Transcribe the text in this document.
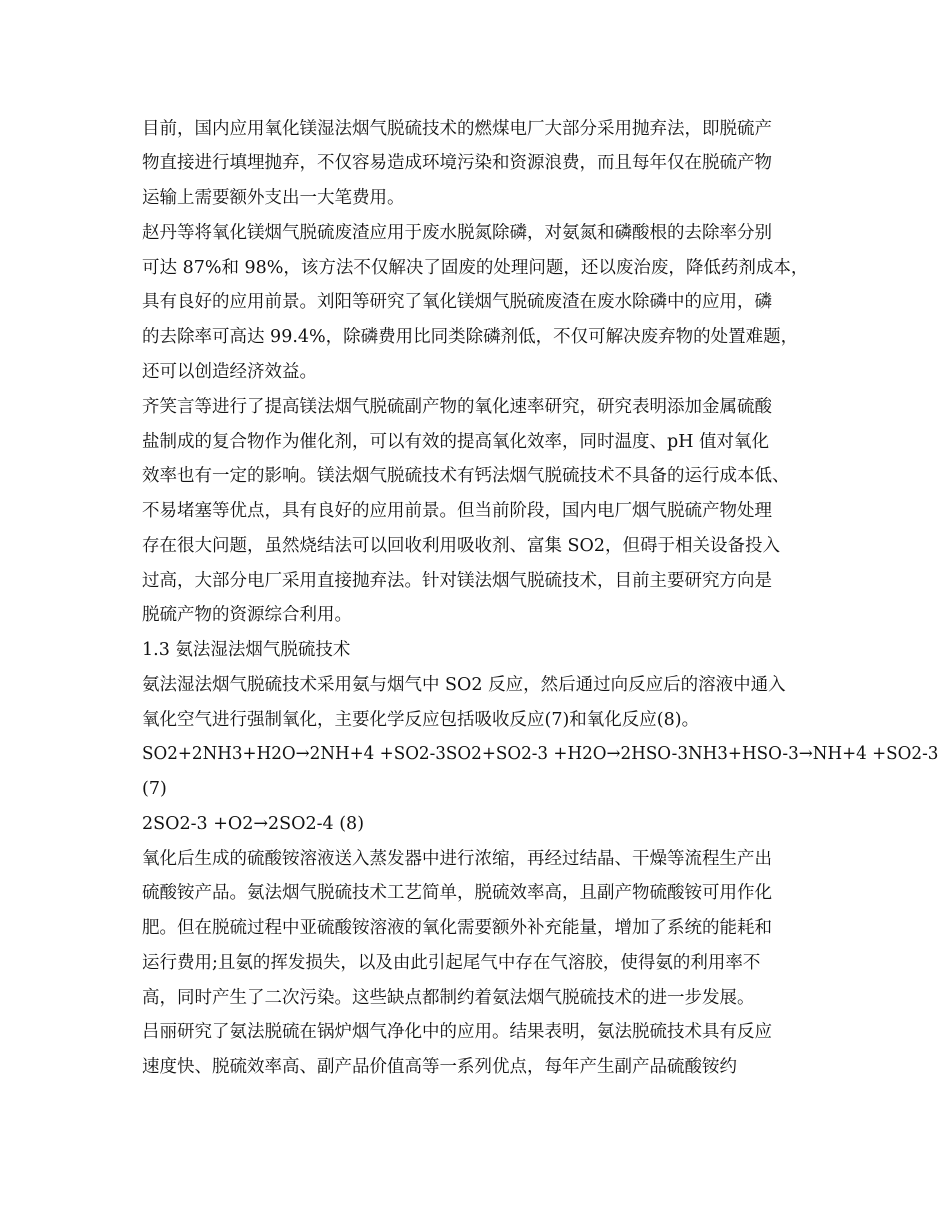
目前，国内应用氧化镁湿法烟气脱硫技术的燃煤电厂大部分采用抛弃法，即脱硫产
物直接进行填埋抛弃，不仅容易造成环境污染和资源浪费，而且每年仅在脱硫产物
运输上需要额外支出一大笔费用。
赵丹等将氧化镁烟气脱硫废渣应用于废水脱氮除磷，对氨氮和磷酸根的去除率分别
可达 87%和 98%，该方法不仅解决了固废的处理问题，还以废治废，降低药剂成本，
具有良好的应用前景。刘阳等研究了氧化镁烟气脱硫废渣在废水除磷中的应用，磷
的去除率可高达 99.4%，除磷费用比同类除磷剂低，不仅可解决废弃物的处置难题，
还可以创造经济效益。
齐笑言等进行了提高镁法烟气脱硫副产物的氧化速率研究，研究表明添加金属硫酸
盐制成的复合物作为催化剂，可以有效的提高氧化效率，同时温度、pH 值对氧化
效率也有一定的影响。镁法烟气脱硫技术有钙法烟气脱硫技术不具备的运行成本低、
不易堵塞等优点，具有良好的应用前景。但当前阶段，国内电厂烟气脱硫产物处理
存在很大问题，虽然烧结法可以回收利用吸收剂、富集 SO2，但碍于相关设备投入
过高，大部分电厂采用直接抛弃法。针对镁法烟气脱硫技术，目前主要研究方向是
脱硫产物的资源综合利用。
1.3 氨法湿法烟气脱硫技术
氨法湿法烟气脱硫技术采用氨与烟气中 SO2 反应，然后通过向反应后的溶液中通入
氧化空气进行强制氧化，主要化学反应包括吸收反应(7)和氧化反应(8)。
SO2+2NH3+H2O→2NH+4 +SO2-3SO2+SO2-3 +H2O→2HSO-3NH3+HSO-3→NH+4 +SO2-3
(7)
2SO2-3 +O2→2SO2-4 (8)
氧化后生成的硫酸铵溶液送入蒸发器中进行浓缩，再经过结晶、干燥等流程生产出
硫酸铵产品。氨法烟气脱硫技术工艺简单，脱硫效率高，且副产物硫酸铵可用作化
肥。但在脱硫过程中亚硫酸铵溶液的氧化需要额外补充能量，增加了系统的能耗和
运行费用;且氨的挥发损失，以及由此引起尾气中存在气溶胶，使得氨的利用率不
高，同时产生了二次污染。这些缺点都制约着氨法烟气脱硫技术的进一步发展。
吕丽研究了氨法脱硫在锅炉烟气净化中的应用。结果表明，氨法脱硫技术具有反应
速度快、脱硫效率高、副产品价值高等一系列优点，每年产生副产品硫酸铵约
